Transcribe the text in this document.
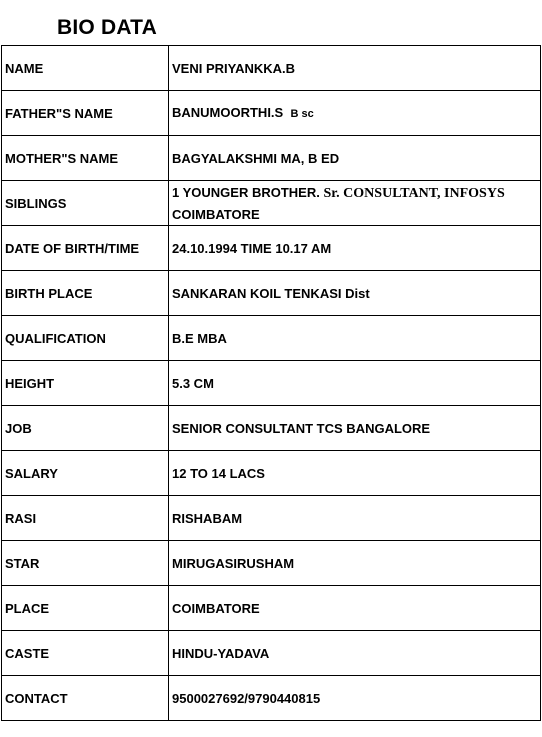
BIO DATA
NAME	VENI PRIYANKKA.B
FATHER"S NAME	BANUMOORTHI.S B sc
MOTHER"S NAME	BAGYALAKSHMI MA, B ED
SIBLINGS	1 YOUNGER BROTHER. Sr. CONSULTANT, INFOSYS
COIMBATORE
DATE OF BIRTH/TIME	24.10.1994 TIME 10.17 AM
BIRTH PLACE	SANKARAN KOIL TENKASI Dist
QUALIFICATION	B.E MBA
HEIGHT	5.3 CM
JOB	SENIOR CONSULTANT TCS BANGALORE
SALARY	12 TO 14 LACS
RASI	RISHABAM
STAR	MIRUGASIRUSHAM
PLACE	COIMBATORE
CASTE	HINDU-YADAVA
CONTACT	9500027692/9790440815
